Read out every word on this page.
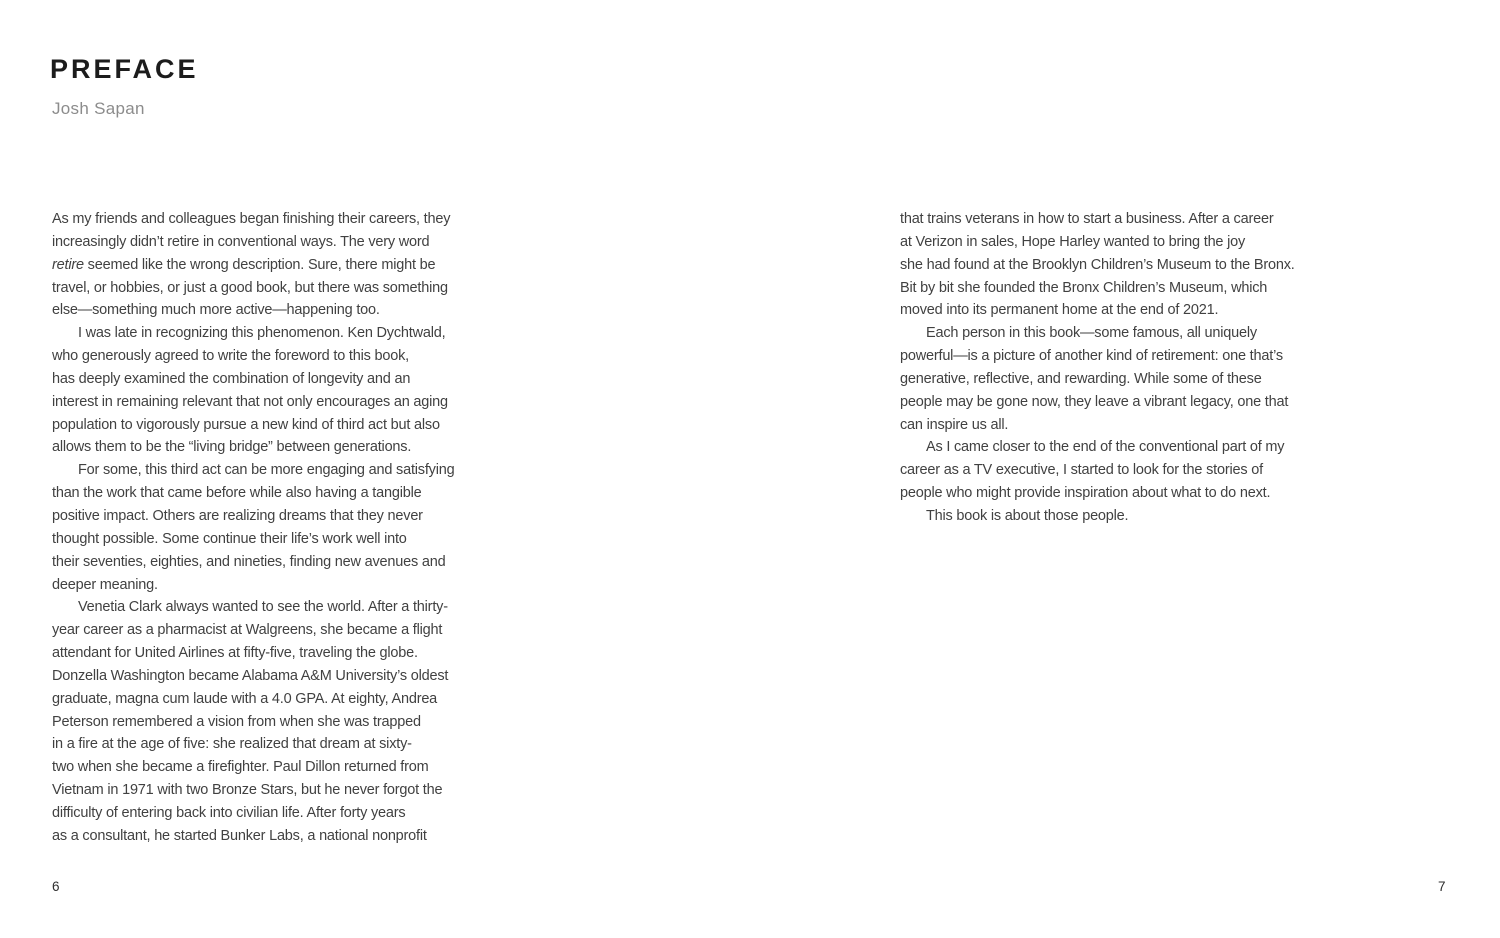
PREFACE
Josh Sapan
As my friends and colleagues began finishing their careers, they
increasingly didn’t retire in conventional ways. The very word
retire seemed like the wrong description. Sure, there might be
travel, or hobbies, or just a good book, but there was something
else—something much more active—happening too.
I was late in recognizing this phenomenon. Ken Dychtwald,
who generously agreed to write the foreword to this book,
has deeply examined the combination of longevity and an
interest in remaining relevant that not only encourages an aging
population to vigorously pursue a new kind of third act but also
allows them to be the “living bridge” between generations.
For some, this third act can be more engaging and satisfying
than the work that came before while also having a tangible
positive impact. Others are realizing dreams that they never
thought possible. Some continue their life’s work well into
their seventies, eighties, and nineties, finding new avenues and
deeper meaning.
Venetia Clark always wanted to see the world. After a thirty-
year career as a pharmacist at Walgreens, she became a flight
attendant for United Airlines at fifty-five, traveling the globe.
Donzella Washington became Alabama A&M University’s oldest
graduate, magna cum laude with a 4.0 GPA. At eighty, Andrea
Peterson remembered a vision from when she was trapped
in a fire at the age of five: she realized that dream at sixty-
two when she became a firefighter. Paul Dillon returned from
Vietnam in 1971 with two Bronze Stars, but he never forgot the
difficulty of entering back into civilian life. After forty years
as a consultant, he started Bunker Labs, a national nonprofit
6
that trains veterans in how to start a business. After a career
at Verizon in sales, Hope Harley wanted to bring the joy
she had found at the Brooklyn Children’s Museum to the Bronx.
Bit by bit she founded the Bronx Children’s Museum, which
moved into its permanent home at the end of 2021.
Each person in this book—some famous, all uniquely
powerful—is a picture of another kind of retirement: one that’s
generative, reflective, and rewarding. While some of these
people may be gone now, they leave a vibrant legacy, one that
can inspire us all.
As I came closer to the end of the conventional part of my
career as a TV executive, I started to look for the stories of
people who might provide inspiration about what to do next.
This book is about those people.
7
